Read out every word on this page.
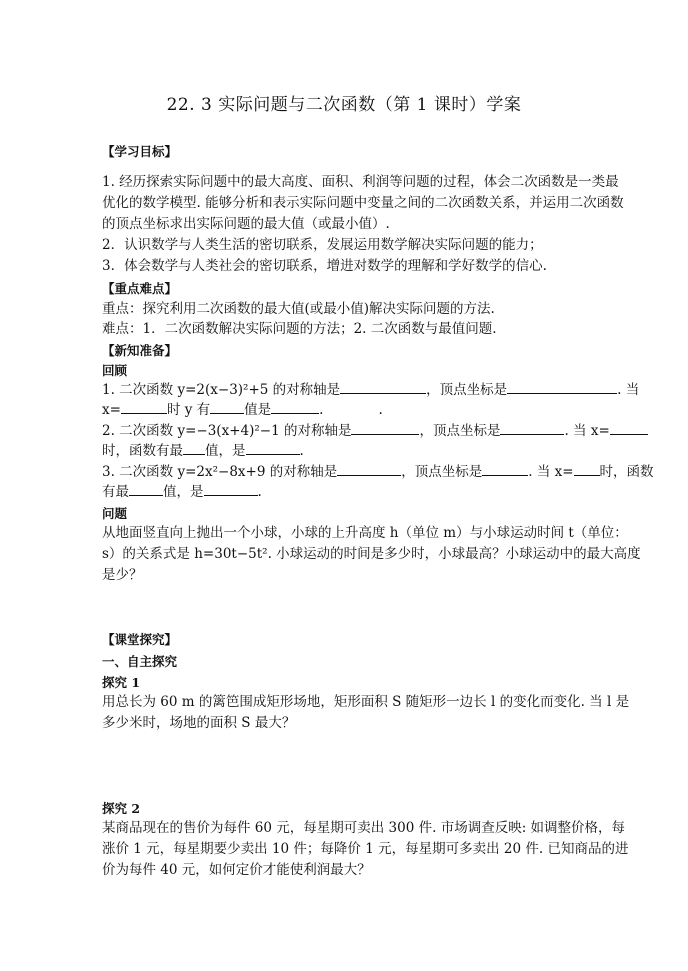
22. 3 实际问题与二次函数（第 1 课时）学案
【学习目标】
1. 经历探索实际问题中的最大高度、面积、利润等问题的过程，体会二次函数是一类最
优化的数学模型. 能够分析和表示实际问题中变量之间的二次函数关系，并运用二次函数
的顶点坐标求出实际问题的最大值（或最小值）.
2．认识数学与人类生活的密切联系，发展运用数学解决实际问题的能力；
3．体会数学与人类社会的密切联系，增进对数学的理解和学好数学的信心.
【重点难点】
重点：探究利用二次函数的最大值(或最小值)解决实际问题的方法.
难点：1．二次函数解决实际问题的方法；2. 二次函数与最值问题.
【新知准备】
回顾
1. 二次函数 y=2(x−3)²+5 的对称轴是	，顶点坐标是	. 当
x=	时 y 有	值是	.	.
2. 二次函数 y=−3(x+4)²−1 的对称轴是	，顶点坐标是	. 当 x=
时，函数有最 值，是	.
3. 二次函数 y=2x²−8x+9 的对称轴是	，顶点坐标是	. 当 x= 时，函数
有最	值，是	.
问题
从地面竖直向上抛出一个小球，小球的上升高度 h（单位 m）与小球运动时间 t（单位：
s）的关系式是 h=30t−5t². 小球运动的时间是多少时，小球最高？小球运动中的最大高度
是少？
【课堂探究】
一、自主探究
探究 1
用总长为 60 m 的篱笆围成矩形场地，矩形面积 S 随矩形一边长 l 的变化而变化. 当 l 是
多少米时，场地的面积 S 最大？
探究 2
某商品现在的售价为每件 60 元，每星期可卖出 300 件. 市场调查反映: 如调整价格，每
涨价 1 元，每星期要少卖出 10 件；每降价 1 元，每星期可多卖出 20 件. 已知商品的进
价为每件 40 元，如何定价才能使利润最大？
